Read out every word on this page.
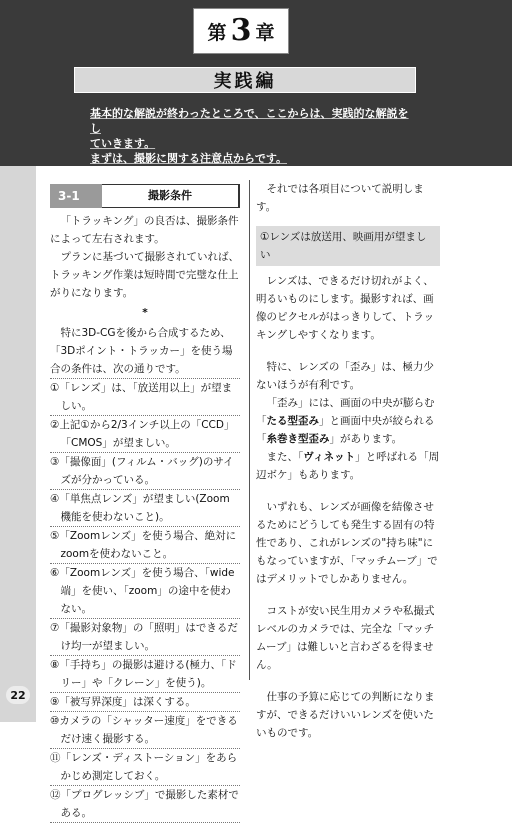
第 3 章
実践編

基本的な解説が終わったところで、ここからは、実践的な解説をし

ていきます。

まずは、撮影に関する注意点からです。

22
3-1	撮影条件

「トラッキング」の良否は、撮影条件によって左右されます。

プランに基づいて撮影されていれば、トラッキング作業は短時間で完璧な仕上がりになります。

*

特に3D-CGを後から合成するため、「3Dポイント・トラッカー」を使う場合の条件は、次の通りです。

①「レンズ」は、「放送用以上」が望ましい。
②上記①から2/3インチ以上の「CCD」「CMOS」が望ましい。
③「撮像面」(フィルム・バッグ)のサイズが分かっている。
④「単焦点レンズ」が望ましい(Zoom機能を使わないこと)。
⑤「Zoomレンズ」を使う場合、絶対にzoomを使わないこと。
⑥「Zoomレンズ」を使う場合、「wide端」を使い、「zoom」の途中を使わない。
⑦「撮影対象物」の「照明」はできるだけ均一が望ましい。
⑧「手持ち」の撮影は避ける(極力、「ドリー」や「クレーン」を使う)。
⑨「被写界深度」は深くする。
⑩カメラの「シャッター速度」をできるだけ速く撮影する。
⑪「レンズ・ディストーション」をあらかじめ測定しておく。
⑫「プログレッシブ」で撮影した素材である。

それでは各項目について説明します。

①レンズは放送用、映画用が望ましい

レンズは、できるだけ切れがよく、明るいものにします。撮影すれば、画像のピクセルがはっきりして、トラッキングしやすくなります。

特に、レンズの「歪み」は、極力少ないほうが有利です。

「歪み」には、画面の中央が膨らむ「たる型歪み」と画面中央が絞られる「糸巻き型歪み」があります。

また、「ヴィネット」と呼ばれる「周辺ボケ」もあります。

いずれも、レンズが画像を結像させるためにどうしても発生する固有の特性であり、これがレンズの"持ち味"にもなっていますが、「マッチムーブ」ではデメリットでしかありません。

コストが安い民生用カメラや私撮式レベルのカメラでは、完全な「マッチムーブ」は難しいと言わざるを得ません。

仕事の予算に応じての判断になりますが、できるだけいいレンズを使いたいものです。
